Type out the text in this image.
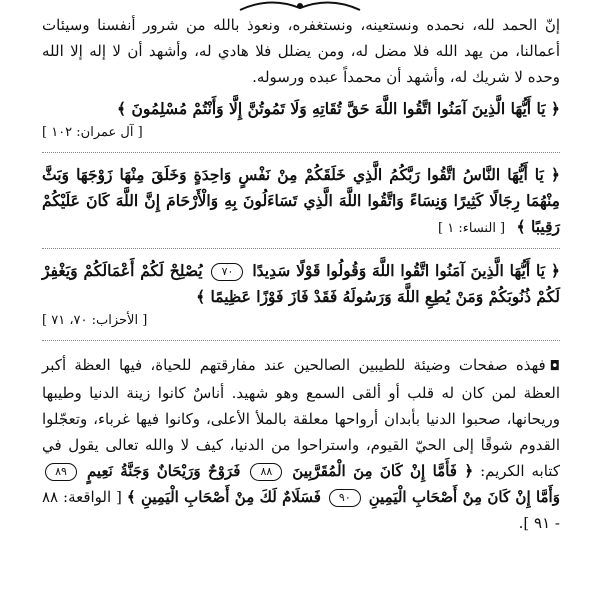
إنّ الحمد لله، نحمده ونستعينه، ونستغفره، ونعوذ بالله من شرور أنفسنا وسيئات أعمالنا، من يهد الله فلا مضل له، ومن يضلل فلا هادي له، وأشهد أن لا إله إلا الله وحده لا شريك له، وأشهد أن محمداً عبده ورسوله.

﴿ يَا أَيُّهَا الَّذِينَ آمَنُوا اتَّقُوا اللَّهَ حَقَّ تُقَاتِهِ وَلَا تَمُوتُنَّ إِلَّا وَأَنْتُمْ مُسْلِمُونَ ﴾
[ آل عمران: ١٠٢ ]
﴿ يَا أَيُّهَا النَّاسُ اتَّقُوا رَبَّكُمُ الَّذِي خَلَقَكُمْ مِنْ نَفْسٍ وَاحِدَةٍ وَخَلَقَ مِنْهَا زَوْجَهَا وَبَثَّ مِنْهُمَا رِجَالًا كَثِيرًا وَنِسَاءً وَاتَّقُوا اللَّهَ الَّذِي تَسَاءَلُونَ بِهِ وَالْأَرْحَامَ إِنَّ اللَّهَ كَانَ عَلَيْكُمْ رَقِيبًا ﴾ [ النساء: ١ ]
﴿ يَا أَيُّهَا الَّذِينَ آمَنُوا اتَّقُوا اللَّهَ وَقُولُوا قَوْلًا سَدِيدًا ٧٠ يُصْلِحْ لَكُمْ أَعْمَالَكُمْ وَيَغْفِرْ لَكُمْ ذُنُوبَكُمْ وَمَنْ يُطِعِ اللَّهَ وَرَسُولَهُ فَقَدْ فَازَ فَوْزًا عَظِيمًا ﴾
[ الأحزاب: ٧٠، ٧١ ]

◘فهذه صفحات وضيئة للطيبين الصالحين عند مفارقتهم للحياة، فيها العظة أكبر العظة لمن كان له قلب أو ألقى السمع وهو شهيد. أناسٌ كانوا زينة الدنيا وطيبها وريحانها، صحبوا الدنيا بأبدان أرواحها معلقة بالملأ الأعلى، وكانوا فيها غرباء، وتعجّلوا القدوم شوقًا إلى الحيّ القيوم، واستراحوا من الدنيا، كيف لا والله تعالى يقول في كتابه الكريم: ﴿ فَأَمَّا إِنْ كَانَ مِنَ الْمُقَرَّبِينَ ٨٨ فَرَوْحٌ وَرَيْحَانٌ وَجَنَّةُ نَعِيمٍ ٨٩ وَأَمَّا إِنْ كَانَ مِنْ أَصْحَابِ الْيَمِينِ ٩٠ فَسَلَامٌ لَكَ مِنْ أَصْحَابِ الْيَمِينِ ﴾ [ الواقعة: ٨٨ - ٩١ ].
